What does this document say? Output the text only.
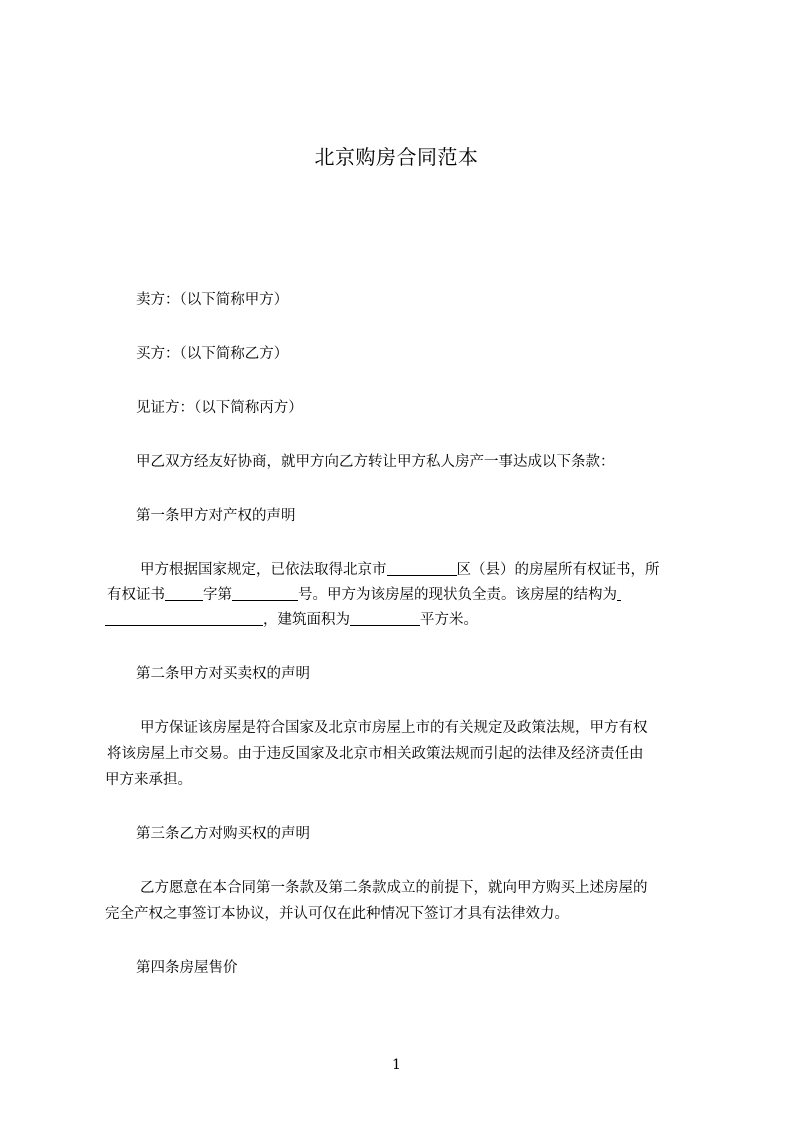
北京购房合同范本
卖方：（以下简称甲方）
买方：（以下简称乙方）
见证方：（以下简称丙方）
甲乙双方经友好协商，就甲方向乙方转让甲方私人房产一事达成以下条款：
第一条甲方对产权的声明
甲方根据国家规定，已依法取得北京市	区（县）的房屋所有权证书，所
有权证书	字第	号。甲方为该房屋的现状负全责。该房屋的结构为
，建筑面积为	平方米。
第二条甲方对买卖权的声明
甲方保证该房屋是符合国家及北京市房屋上市的有关规定及政策法规，甲方有权
将该房屋上市交易。由于违反国家及北京市相关政策法规而引起的法律及经济责任由
甲方来承担。
第三条乙方对购买权的声明
乙方愿意在本合同第一条款及第二条款成立的前提下，就向甲方购买上述房屋的
完全产权之事签订本协议，并认可仅在此种情况下签订才具有法律效力。
第四条房屋售价
1
